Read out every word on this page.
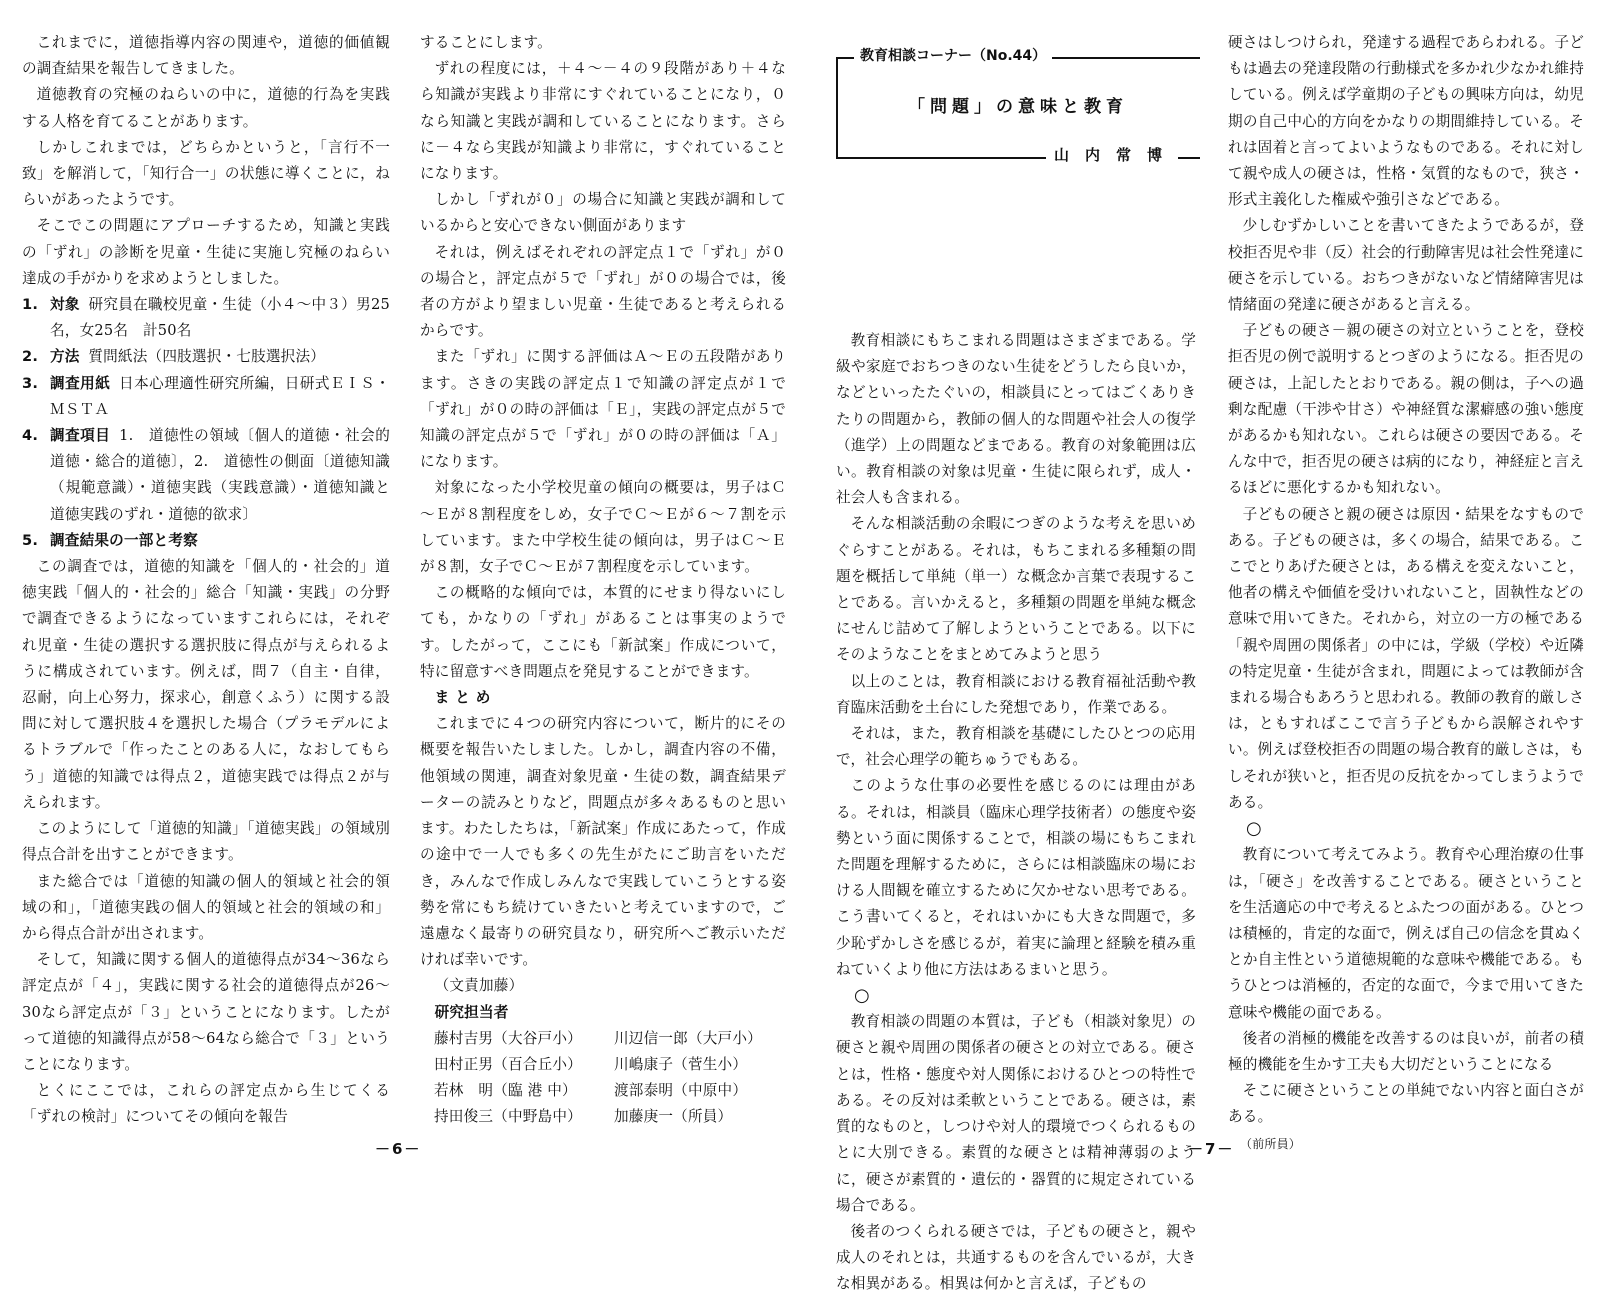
これまでに，道徳指導内容の関連や，道徳的価値観の調査結果を報告してきました。

道徳教育の究極のねらいの中に，道徳的行為を実践する人格を育てることがあります。

しかしこれまでは，どちらかというと，「言行不一致」を解消して，「知行合一」の状態に導くことに，ねらいがあったようです。

そこでこの問題にアプローチするため，知識と実践の「ずれ」の診断を児童・生徒に実施し究極のねらい達成の手がかりを求めようとしました。

1. 対象 研究員在職校児童・生徒（小４～中３）男25名，女25名　計50名
2. 方法 質問紙法（四肢選択・七肢選択法）
3. 調査用紙 日本心理適性研究所編，日研式ＥＩＳ・ＭＳＴＡ
4. 調査項目 1.　道徳性の領域〔個人的道徳・社会的道徳・総合的道徳〕，2.　道徳性の側面〔道徳知識（規範意識）・道徳実践（実践意識）・道徳知識と道徳実践のずれ・道徳的欲求〕
5. 調査結果の一部と考察

この調査では，道徳的知識を「個人的・社会的」道徳実践「個人的・社会的」総合「知識・実践」の分野で調査できるようになっていますこれらには，それぞれ児童・生徒の選択する選択肢に得点が与えられるように構成されています。例えば，問７（自主・自律，忍耐，向上心努力，探求心，創意くふう）に関する設問に対して選択肢４を選択した場合（プラモデルによるトラブルで「作ったことのある人に，なおしてもらう」道徳的知識では得点２，道徳実践では得点２が与えられます。

このようにして「道徳的知識」「道徳実践」の領域別得点合計を出すことができます。

また総合では「道徳的知識の個人的領域と社会的領域の和」，「道徳実践の個人的領域と社会的領域の和」から得点合計が出されます。

そして，知識に関する個人的道徳得点が34～36なら評定点が「４」，実践に関する社会的道徳得点が26～30なら評定点が「３」ということになります。したがって道徳的知識得点が58～64なら総合で「３」ということになります。

とくにここでは，これらの評定点から生じてくる「ずれの検討」についてその傾向を報告

することにします。

ずれの程度には，＋４～－４の９段階があり＋４なら知識が実践より非常にすぐれていることになり，０なら知識と実践が調和していることになります。さらに－４なら実践が知識より非常に，すぐれていることになります。

しかし「ずれが０」の場合に知識と実践が調和しているからと安心できない側面があります

それは，例えばそれぞれの評定点１で「ずれ」が０の場合と，評定点が５で「ずれ」が０の場合では，後者の方がより望ましい児童・生徒であると考えられるからです。

また「ずれ」に関する評価はＡ～Ｅの五段階があります。さきの実践の評定点１で知識の評定点が１で「ずれ」が０の時の評価は「Ｅ」，実践の評定点が５で知識の評定点が５で「ずれ」が０の時の評価は「Ａ」になります。

対象になった小学校児童の傾向の概要は，男子はＣ～Ｅが８割程度をしめ，女子でＣ～Ｅが６～７割を示しています。また中学校生徒の傾向は，男子はＣ～Ｅが８割，女子でＣ～Ｅが７割程度を示しています。

この概略的な傾向では，本質的にせまり得ないにしても，かなりの「ずれ」があることは事実のようです。したがって，ここにも「新試案」作成について，特に留意すべき問題点を発見することができます。

まとめ

これまでに４つの研究内容について，断片的にその概要を報告いたしました。しかし，調査内容の不備，他領域の関連，調査対象児童・生徒の数，調査結果データーの読みとりなど，問題点が多々あるものと思います。わたしたちは，「新試案」作成にあたって，作成の途中で一人でも多くの先生がたにご助言をいただき，みんなで作成しみんなで実践していこうとする姿勢を常にもち続けていきたいと考えていますので，ご遠慮なく最寄りの研究員なり，研究所へご教示いただければ幸いです。

（文責加藤）

研究担当者

藤村吉男（大谷戸小）	川辺信一郎（大戸小）
田村正男（百合丘小）	川嶋康子（菅生小）
若林　明（臨 港 中）	渡部泰明（中原中）
持田俊三（中野島中）	加藤庚一（所員）
－6－
教育相談コーナー（No.44）
「問題」の意味と教育
山内常博

教育相談にもちこまれる問題はさまざまである。学級や家庭でおちつきのない生徒をどうしたら良いか，などといったたぐいの，相談員にとってはごくありきたりの問題から，教師の個人的な問題や社会人の復学（進学）上の問題などまである。教育の対象範囲は広い。教育相談の対象は児童・生徒に限られず，成人・社会人も含まれる。

そんな相談活動の余暇につぎのような考えを思いめぐらすことがある。それは，もちこまれる多種類の問題を概括して単純（単一）な概念か言葉で表現することである。言いかえると，多種類の問題を単純な概念にせんじ詰めて了解しようということである。以下にそのようなことをまとめてみようと思う

以上のことは，教育相談における教育福祉活動や教育臨床活動を土台にした発想であり，作業である。

それは，また，教育相談を基礎にしたひとつの応用で，社会心理学の範ちゅうでもある。

このような仕事の必要性を感じるのには理由がある。それは，相談員（臨床心理学技術者）の態度や姿勢という面に関係することで，相談の場にもちこまれた問題を理解するために，さらには相談臨床の場における人間観を確立するために欠かせない思考である。こう書いてくると，それはいかにも大きな問題で，多少恥ずかしさを感じるが，着実に論理と経験を積み重ねていくより他に方法はあるまいと思う。

○

教育相談の問題の本質は，子ども（相談対象児）の硬さと親や周囲の関係者の硬さとの対立である。硬さとは，性格・態度や対人関係におけるひとつの特性である。その反対は柔軟ということである。硬さは，素質的なものと，しつけや対人的環境でつくられるものとに大別できる。素質的な硬さとは精神薄弱のように，硬さが素質的・遺伝的・器質的に規定されている場合である。

後者のつくられる硬さでは，子どもの硬さと，親や成人のそれとは，共通するものを含んでいるが，大きな相異がある。相異は何かと言えば，子どもの

硬さはしつけられ，発達する過程であらわれる。子どもは過去の発達段階の行動様式を多かれ少なかれ維持している。例えば学童期の子どもの興味方向は，幼児期の自己中心的方向をかなりの期間維持している。それは固着と言ってよいようなものである。それに対して親や成人の硬さは，性格・気質的なもので，狭さ・形式主義化した権威や強引さなどである。

少しむずかしいことを書いてきたようであるが，登校拒否児や非（反）社会的行動障害児は社会性発達に硬さを示している。おちつきがないなど情緒障害児は情緒面の発達に硬さがあると言える。

子どもの硬さ－親の硬さの対立ということを，登校拒否児の例で説明するとつぎのようになる。拒否児の硬さは，上記したとおりである。親の側は，子への過剰な配慮（干渉や甘さ）や神経質な潔癖感の強い態度があるかも知れない。これらは硬さの要因である。そんな中で，拒否児の硬さは病的になり，神経症と言えるほどに悪化するかも知れない。

子どもの硬さと親の硬さは原因・結果をなすものである。子どもの硬さは，多くの場合，結果である。ここでとりあげた硬さとは，ある構えを変えないこと，他者の構えや価値を受けいれないこと，固執性などの意味で用いてきた。それから，対立の一方の極である「親や周囲の関係者」の中には，学級（学校）や近隣の特定児童・生徒が含まれ，問題によっては教師が含まれる場合もあろうと思われる。教師の教育的厳しさは，ともすればここで言う子どもから誤解されやすい。例えば登校拒否の問題の場合教育的厳しさは，もしそれが狭いと，拒否児の反抗をかってしまうようである。

○

教育について考えてみよう。教育や心理治療の仕事は，「硬さ」を改善することである。硬さということを生活適応の中で考えるとふたつの面がある。ひとつは積極的，肯定的な面で，例えば自己の信念を貫ぬくとか自主性という道徳規範的な意味や機能である。もうひとつは消極的，否定的な面で，今まで用いてきた意味や機能の面である。

後者の消極的機能を改善するのは良いが，前者の積極的機能を生かす工夫も大切だということになる

そこに硬さということの単純でない内容と面白さがある。

（前所員）

－7－
